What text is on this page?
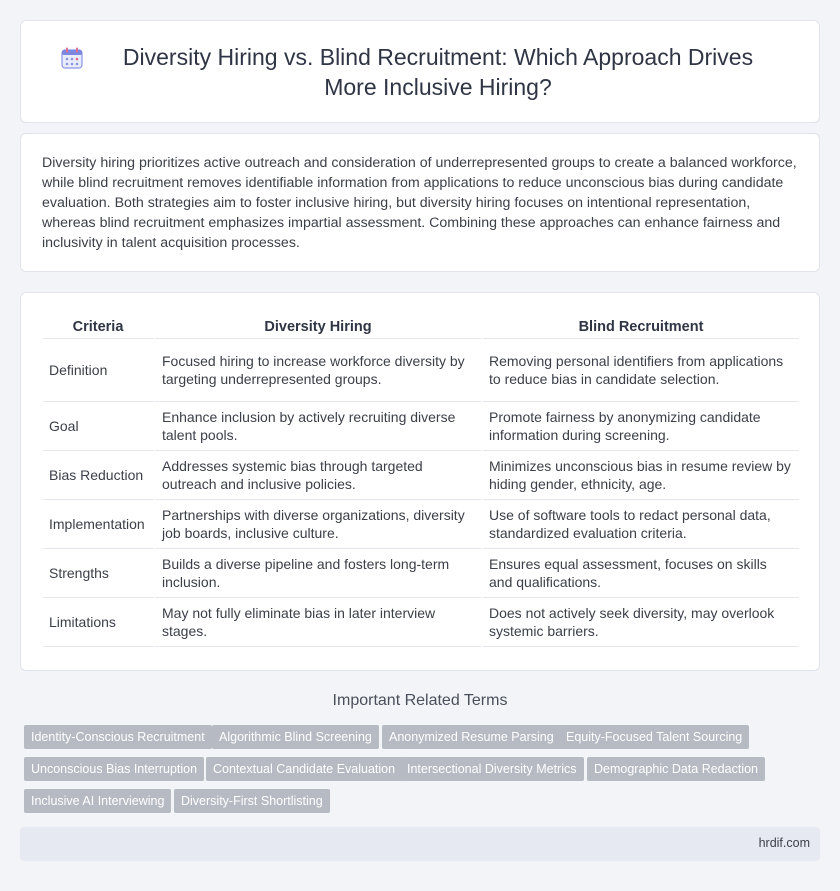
Diversity Hiring vs. Blind Recruitment: Which Approach Drives More Inclusive Hiring?

Diversity hiring prioritizes active outreach and consideration of underrepresented groups to create a balanced workforce, while blind recruitment removes identifiable information from applications to reduce unconscious bias during candidate evaluation. Both strategies aim to foster inclusive hiring, but diversity hiring focuses on intentional representation, whereas blind recruitment emphasizes impartial assessment. Combining these approaches can enhance fairness and inclusivity in talent acquisition processes.

Criteria	Diversity Hiring	Blind Recruitment
Definition	Focused hiring to increase workforce diversity by targeting underrepresented groups.	Removing personal identifiers from applications to reduce bias in candidate selection.
Goal	Enhance inclusion by actively recruiting diverse talent pools.	Promote fairness by anonymizing candidate information during screening.
Bias Reduction	Addresses systemic bias through targeted outreach and inclusive policies.	Minimizes unconscious bias in resume review by hiding gender, ethnicity, age.
Implementation	Partnerships with diverse organizations, diversity job boards, inclusive culture.	Use of software tools to redact personal data, standardized evaluation criteria.
Strengths	Builds a diverse pipeline and fosters long-term inclusion.	Ensures equal assessment, focuses on skills and qualifications.
Limitations	May not fully eliminate bias in later interview stages.	Does not actively seek diversity, may overlook systemic barriers.
Important Related Terms
Identity-Conscious Recruitment	Algorithmic Blind Screening	Anonymized Resume Parsing Equity-Focused Talent Sourcing
Unconscious Bias Interruption	Contextual Candidate Evaluation Intersectional Diversity Metrics	Demographic Data Redaction
Inclusive AI Interviewing	Diversity-First Shortlisting
hrdif.com
